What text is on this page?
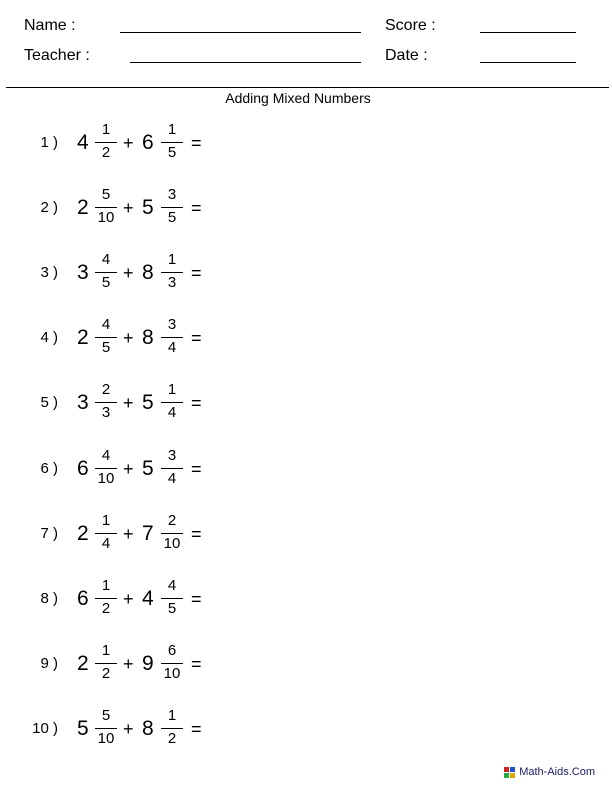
Name :	Score :
Teacher :	Date :
Adding Mixed Numbers
1 ) 4
1
2 + 6
1
5 =
2 ) 2
5
10 + 5
3
5 =
3 ) 3
4
5 + 8
1
3 =
4 ) 2
4
5 + 8
3
4 =
5 ) 3
2
3 + 5
1
4 =
6 ) 6
4
10 + 5
3
4 =
7 ) 2
1
4 + 7
2
10 =
8 ) 6
1
2 + 4
4
5 =
9 ) 2
1
2 + 9
6
10 =
10 ) 5
5
10 + 8
1
2 =
Math-Aids.Com
